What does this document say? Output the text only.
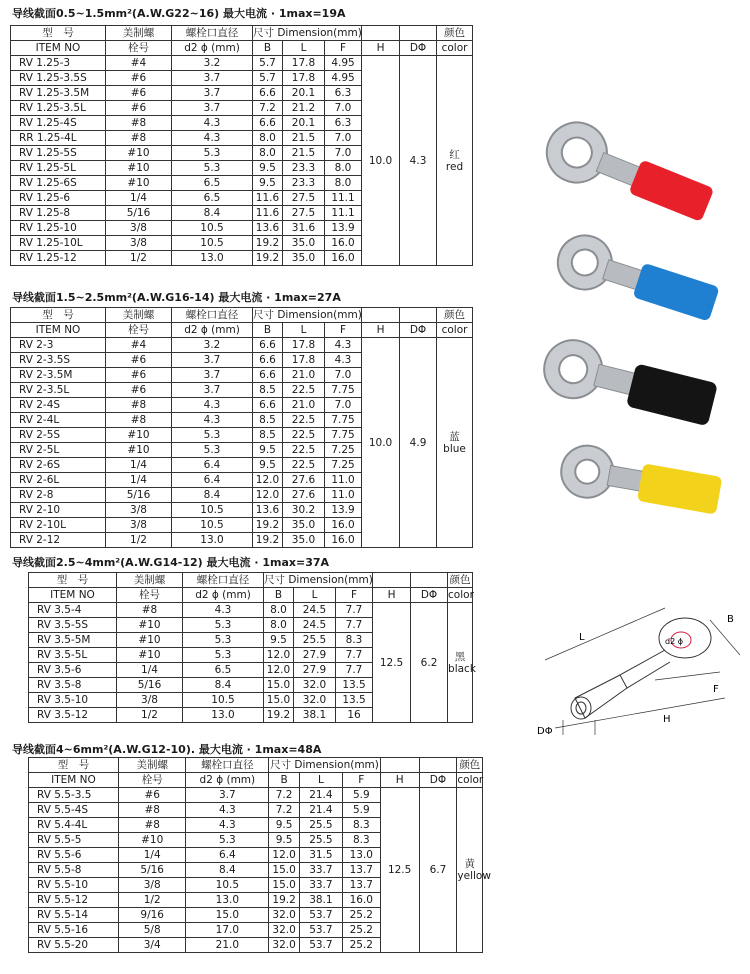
导线截面0.5~1.5mm²(A.W.G22~16) 最大电流 · 1max=19A
导线截面1.5~2.5mm²(A.W.G16-14) 最大电流 · 1max=27A
导线截面2.5~4mm²(A.W.G14-12) 最大电流 · 1max=37A
导线截面4~6mm²(A.W.G12-10). 最大电流 · 1max=48A
型　号	美制螺	螺栓口直径	尺寸 Dimension(mm)					颜色
ITEM NO	栓号	d2 ϕ (mm)	B	L	F	H	DΦ	color
RV 1.25-3	#4	3.2	5.7	17.8	4.95	10.0	4.3	红
red

RV 1.25-3.5S	#6	3.7	5.7	17.8	4.95			
RV 1.25-3.5M	#6	3.7	6.6	20.1	6.3			
RV 1.25-3.5L	#6	3.7	7.2	21.2	7.0			
RV 1.25-4S	#8	4.3	6.6	20.1	6.3			
RR 1.25-4L	#8	4.3	8.0	21.5	7.0			
RV 1.25-5S	#10	5.3	8.0	21.5	7.0			
RV 1.25-5L	#10	5.3	9.5	23.3	8.0			
RV 1.25-6S	#10	6.5	9.5	23.3	8.0			
RV 1.25-6	1/4	6.5	11.6	27.5	11.1			
RV 1.25-8	5/16	8.4	11.6	27.5	11.1			
RV 1.25-10	3/8	10.5	13.6	31.6	13.9			
RV 1.25-10L	3/8	10.5	19.2	35.0	16.0			
RV 1.25-12	1/2	13.0	19.2	35.0	16.0			
型　号	美制螺	螺栓口直径	尺寸 Dimension(mm)					颜色
ITEM NO	栓号	d2 ϕ (mm)	B	L	F	H	DΦ	color
RV 2-3	#4	3.2	6.6	17.8	4.3	10.0	4.9	蓝
blue

RV 2-3.5S	#6	3.7	6.6	17.8	4.3			
RV 2-3.5M	#6	3.7	6.6	21.0	7.0			
RV 2-3.5L	#6	3.7	8.5	22.5	7.75			
RV 2-4S	#8	4.3	6.6	21.0	7.0			
RV 2-4L	#8	4.3	8.5	22.5	7.75			
RV 2-5S	#10	5.3	8.5	22.5	7.75			
RV 2-5L	#10	5.3	9.5	22.5	7.25			
RV 2-6S	1/4	6.4	9.5	22.5	7.25			
RV 2-6L	1/4	6.4	12.0	27.6	11.0			
RV 2-8	5/16	8.4	12.0	27.6	11.0			
RV 2-10	3/8	10.5	13.6	30.2	13.9			
RV 2-10L	3/8	10.5	19.2	35.0	16.0			
RV 2-12	1/2	13.0	19.2	35.0	16.0			
型　号	美制螺	螺栓口直径	尺寸 Dimension(mm)					颜色
ITEM NO	栓号	d2 ϕ (mm)	B	L	F	H	DΦ	color
RV 3.5-4	#8	4.3	8.0	24.5	7.7	12.5	6.2	黑
black

RV 3.5-5S	#10	5.3	8.0	24.5	7.7			
RV 3.5-5M	#10	5.3	9.5	25.5	8.3			
RV 3.5-5L	#10	5.3	12.0	27.9	7.7			
RV 3.5-6	1/4	6.5	12.0	27.9	7.7			
RV 3.5-8	5/16	8.4	15.0	32.0	13.5			
RV 3.5-10	3/8	10.5	15.0	32.0	13.5			
RV 3.5-12	1/2	13.0	19.2	38.1	16			
型　号	美制螺	螺栓口直径	尺寸 Dimension(mm)					颜色
ITEM NO	栓号	d2 ϕ (mm)	B	L	F	H	DΦ	color
RV 5.5-3.5	#6	3.7	7.2	21.4	5.9	12.5	6.7	黄
yellow

RV 5.5-4S	#8	4.3	7.2	21.4	5.9			
RV 5.4-4L	#8	4.3	9.5	25.5	8.3			
RV 5.5-5	#10	5.3	9.5	25.5	8.3			
RV 5.5-6	1/4	6.4	12.0	31.5	13.0			
RV 5.5-8	5/16	8.4	15.0	33.7	13.7			
RV 5.5-10	3/8	10.5	15.0	33.7	13.7			
RV 5.5-12	1/2	13.0	19.2	38.1	16.0			
RV 5.5-14	9/16	15.0	32.0	53.7	25.2			
RV 5.5-16	5/8	17.0	32.0	53.7	25.2			
RV 5.5-20	3/4	21.0	32.0	53.7	25.2			
L
B
F
H
DΦ
d2 ϕ
